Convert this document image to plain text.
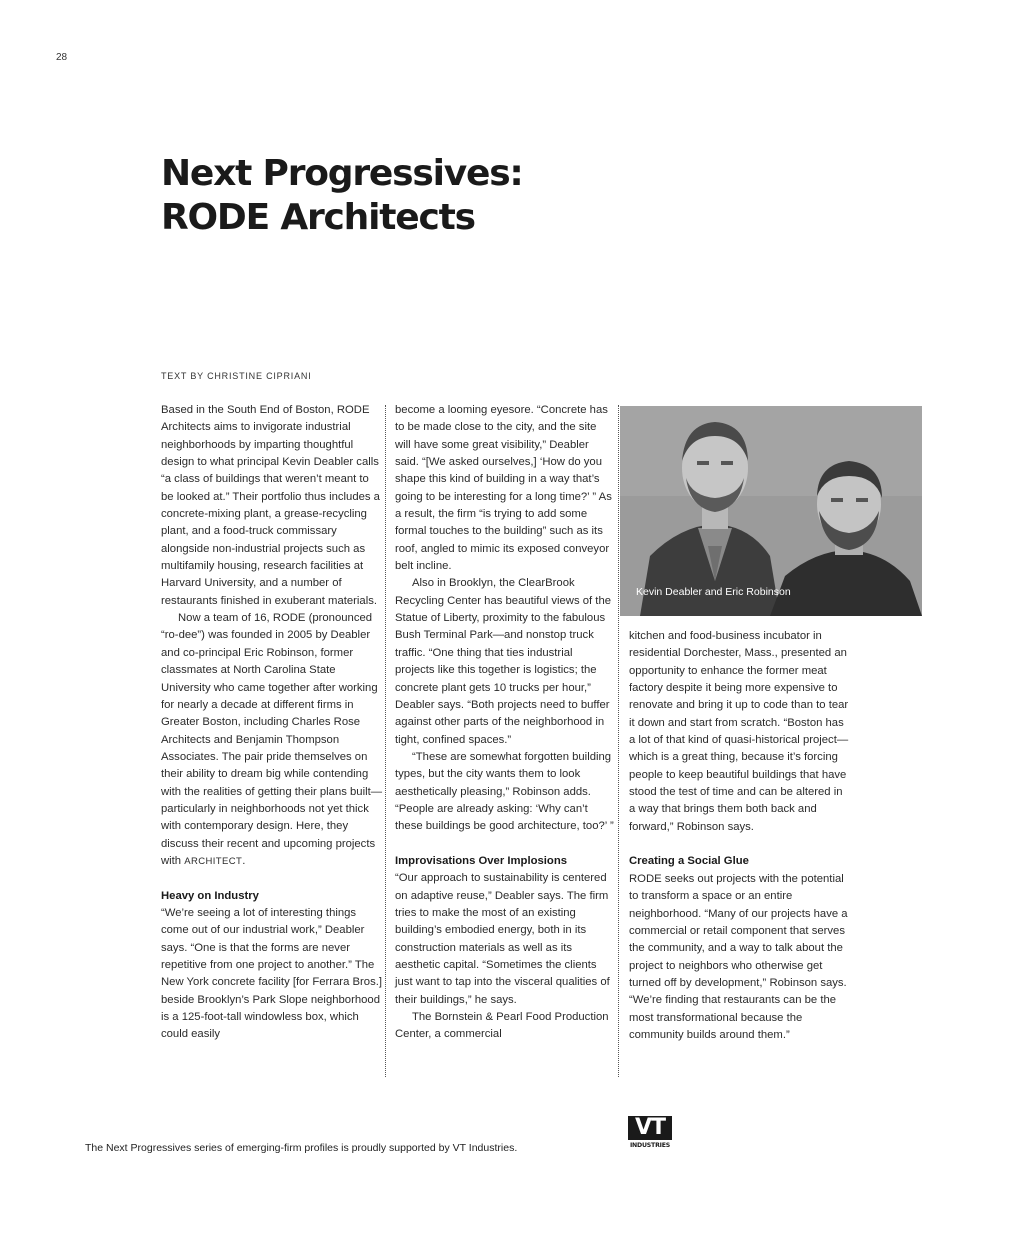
28
Next Progressives:
RODE Architects
TEXT BY CHRISTINE CIPRIANI

Based in the South End of Boston, RODE Architects aims to invigorate industrial neighborhoods by imparting thoughtful design to what principal Kevin Deabler calls “a class of buildings that weren’t meant to be looked at.” Their portfolio thus includes a concrete-mixing plant, a grease-recycling plant, and a food-truck commissary alongside non-industrial projects such as multifamily housing, research facilities at Harvard University, and a number of restaurants finished in exuberant materials.

Now a team of 16, RODE (pronounced “ro-dee”) was founded in 2005 by Deabler and co-principal Eric Robinson, former classmates at North Carolina State University who came together after working for nearly a decade at different firms in Greater Boston, including Charles Rose Architects and Benjamin Thompson Associates. The pair pride themselves on their ability to dream big while contending with the realities of getting their plans built—particularly in neighborhoods not yet thick with contemporary design. Here, they discuss their recent and upcoming projects with ARCHITECT.

Heavy on Industry

“We’re seeing a lot of interesting things come out of our industrial work,” Deabler says. “One is that the forms are never repetitive from one project to another.” The New York concrete facility [for Ferrara Bros.] beside Brooklyn’s Park Slope neighborhood is a 125-foot-tall windowless box, which could easily

become a looming eyesore. “Concrete has to be made close to the city, and the site will have some great visibility,” Deabler said. “[We asked ourselves,] ‘How do you shape this kind of building in a way that’s going to be interesting for a long time?’ ” As a result, the firm “is trying to add some formal touches to the building” such as its roof, angled to mimic its exposed conveyor belt incline.

Also in Brooklyn, the ClearBrook Recycling Center has beautiful views of the Statue of Liberty, proximity to the fabulous Bush Terminal Park—and nonstop truck traffic. “One thing that ties industrial projects like this together is logistics; the concrete plant gets 10 trucks per hour,” Deabler says. “Both projects need to buffer against other parts of the neighborhood in tight, confined spaces.”

“These are somewhat forgotten building types, but the city wants them to look aesthetically pleasing,” Robinson adds. “People are already asking: ‘Why can’t these buildings be good architecture, too?’ ”

Improvisations Over Implosions

“Our approach to sustainability is centered on adaptive reuse,” Deabler says. The firm tries to make the most of an existing building’s embodied energy, both in its construction materials as well as its aesthetic capital. “Sometimes the clients just want to tap into the visceral qualities of their buildings,” he says.

The Bornstein & Pearl Food Production Center, a commercial

Kevin Deabler and Eric Robinson

kitchen and food-business incubator in residential Dorchester, Mass., presented an opportunity to enhance the former meat factory despite it being more expensive to renovate and bring it up to code than to tear it down and start from scratch. “Boston has a lot of that kind of quasi-historical project—which is a great thing, because it’s forcing people to keep beautiful buildings that have stood the test of time and can be altered in a way that brings them both back and forward,” Robinson says.

Creating a Social Glue

RODE seeks out projects with the potential to transform a space or an entire neighborhood. “Many of our projects have a commercial or retail component that serves the community, and a way to talk about the project to neighbors who otherwise get turned off by development,” Robinson says. “We’re finding that restaurants can be the most transformational because the community builds around them.”

The Next Progressives series of emerging-firm profiles is proudly supported by VT Industries.
VT
INDUSTRIES
